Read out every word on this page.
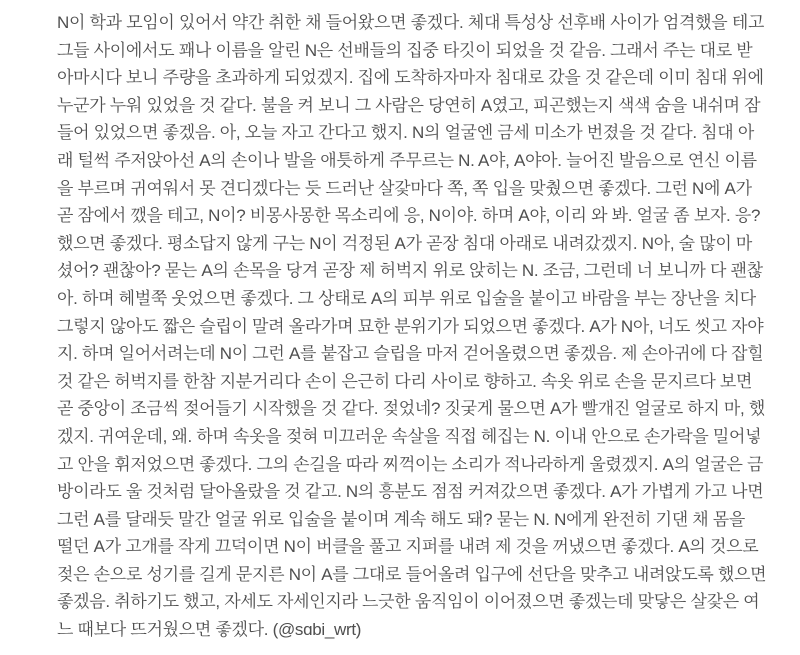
N이 학과 모임이 있어서 약간 취한 채 들어왔으면 좋겠다. 체대 특성상 선후배 사이가 엄격했을 테고
그들 사이에서도 꽤나 이름을 알린 N은 선배들의 집중 타깃이 되었을 것 같음. 그래서 주는 대로 받
아마시다 보니 주량을 초과하게 되었겠지. 집에 도착하자마자 침대로 갔을 것 같은데 이미 침대 위에
누군가 누워 있었을 것 같다. 불을 켜 보니 그 사람은 당연히 A였고, 피곤했는지 색색 숨을 내쉬며 잠
들어 있었으면 좋겠음. 아, 오늘 자고 간다고 했지. N의 얼굴엔 금세 미소가 번졌을 것 같다. 침대 아
래 털썩 주저앉아선 A의 손이나 발을 애틋하게 주무르는 N. A야, A야아. 늘어진 발음으로 연신 이름
을 부르며 귀여워서 못 견디겠다는 듯 드러난 살갗마다 쪽, 쪽 입을 맞췄으면 좋겠다. 그런 N에 A가
곧 잠에서 깼을 테고, N이? 비몽사몽한 목소리에 응, N이야. 하며 A야, 이리 와 봐. 얼굴 좀 보자. 응?
했으면 좋겠다. 평소답지 않게 구는 N이 걱정된 A가 곧장 침대 아래로 내려갔겠지. N아, 술 많이 마
셨어? 괜찮아? 묻는 A의 손목을 당겨 곧장 제 허벅지 위로 앉히는 N. 조금, 그런데 너 보니까 다 괜찮
아. 하며 헤벌쭉 웃었으면 좋겠다. 그 상태로 A의 피부 위로 입술을 붙이고 바람을 부는 장난을 치다
그렇지 않아도 짧은 슬립이 말려 올라가며 묘한 분위기가 되었으면 좋겠다. A가 N아, 너도 씻고 자야
지. 하며 일어서려는데 N이 그런 A를 붙잡고 슬립을 마저 걷어올렸으면 좋겠음. 제 손아귀에 다 잡힐
것 같은 허벅지를 한참 지분거리다 손이 은근히 다리 사이로 향하고. 속옷 위로 손을 문지르다 보면
곧 중앙이 조금씩 젖어들기 시작했을 것 같다. 젖었네? 짓궂게 물으면 A가 빨개진 얼굴로 하지 마, 했
겠지. 귀여운데, 왜. 하며 속옷을 젖혀 미끄러운 속살을 직접 헤집는 N. 이내 안으로 손가락을 밀어넣
고 안을 휘저었으면 좋겠다. 그의 손길을 따라 찌꺽이는 소리가 적나라하게 울렸겠지. A의 얼굴은 금
방이라도 울 것처럼 달아올랐을 것 같고. N의 흥분도 점점 커져갔으면 좋겠다. A가 가볍게 가고 나면
그런 A를 달래듯 말간 얼굴 위로 입술을 붙이며 계속 해도 돼? 묻는 N. N에게 완전히 기댄 채 몸을
떨던 A가 고개를 작게 끄덕이면 N이 버클을 풀고 지퍼를 내려 제 것을 꺼냈으면 좋겠다. A의 것으로
젖은 손으로 성기를 길게 문지른 N이 A를 그대로 들어올려 입구에 선단을 맞추고 내려앉도록 했으면
좋겠음. 취하기도 했고, 자세도 자세인지라 느긋한 움직임이 이어졌으면 좋겠는데 맞닿은 살갗은 여
느 때보다 뜨거웠으면 좋겠다. (@sɑbi_wrt)
